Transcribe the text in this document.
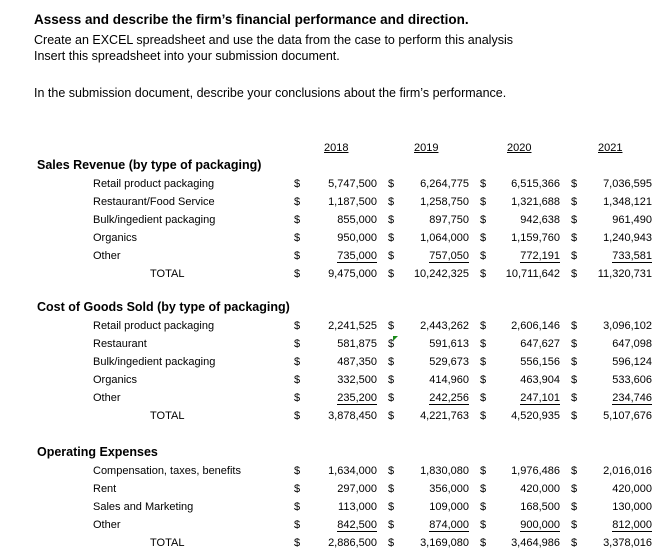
Assess and describe the firm’s financial performance and direction.
Create an EXCEL spreadsheet and use the data from the case to perform this analysis
Insert this spreadsheet into your submission document.
In the submission document, describe your conclusions about the firm’s performance.
2018	2019	2020	2021
Sales Revenue (by type of packaging)
Retail product packaging	$	5,747,500 $ 6,264,775 $ 6,515,366 $ 7,036,595
Restaurant/Food Service	$	1,187,500 $ 1,258,750 $ 1,321,688 $ 1,348,121
Bulk/ingedient packaging	$	855,000 $	897,750 $	942,638 $	961,490
Organics	$	950,000 $ 1,064,000 $ 1,159,760 $ 1,240,943
Other	$	735,000 $	757,050 $	772,191 $	733,581
TOTAL	$	9,475,000 $ 10,242,325 $ 10,711,642 $ 11,320,731
Cost of Goods Sold (by type of packaging)
Retail product packaging	$	2,241,525 $ 2,443,262 $ 2,606,146 $ 3,096,102
Restaurant	$	581,875 $	591,613 $	647,627 $	647,098
Bulk/ingedient packaging	$	487,350 $	529,673 $	556,156 $	596,124
Organics	$	332,500 $	414,960 $	463,904 $	533,606
Other	$	235,200 $	242,256 $	247,101 $	234,746
TOTAL	$	3,878,450 $ 4,221,763 $ 4,520,935 $ 5,107,676
Operating Expenses
Compensation, taxes, benefits	$	1,634,000 $ 1,830,080 $ 1,976,486 $ 2,016,016
Rent	$	297,000 $	356,000 $	420,000 $	420,000
Sales and Marketing	$	113,000 $	109,000 $	168,500 $	130,000
Other	$	842,500 $	874,000 $	900,000 $	812,000
TOTAL	$	2,886,500 $ 3,169,080 $ 3,464,986 $ 3,378,016
